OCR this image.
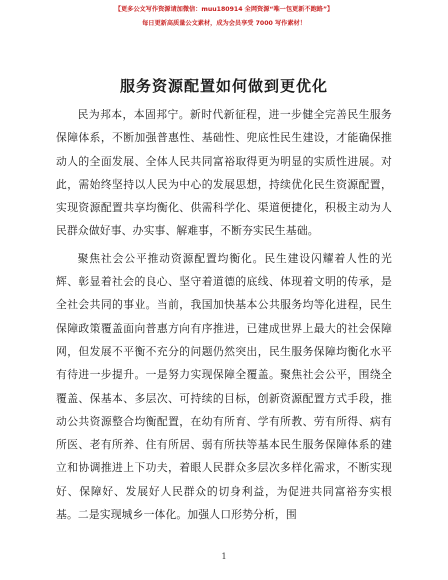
【更多公文写作资源请加微信：muu180914 全网资源“唯一包更新不跑路”】
每日更新高质量公文素材，成为会员享受 7000 写作素材！
服务资源配置如何做到更优化

民为邦本，本固邦宁。新时代新征程，进一步健全完善民生服务保障体系，不断加强普惠性、基础性、兜底性民生建设，才能确保推动人的全面发展、全体人民共同富裕取得更为明显的实质性进展。对此，需始终坚持以人民为中心的发展思想，持续优化民生资源配置，实现资源配置共享均衡化、供需科学化、渠道便捷化，积极主动为人民群众做好事、办实事、解难事，不断夯实民生基础。

聚焦社会公平推动资源配置均衡化。民生建设闪耀着人性的光辉、彰显着社会的良心、坚守着道德的底线、体现着文明的传承，是全社会共同的事业。当前，我国加快基本公共服务均等化进程，民生保障政策覆盖面向普惠方向有序推进，已建成世界上最大的社会保障网，但发展不平衡不充分的问题仍然突出，民生服务保障均衡化水平有待进一步提升。一是努力实现保障全覆盖。聚焦社会公平，围绕全覆盖、保基本、多层次、可持续的目标，创新资源配置方式手段，推动公共资源整合均衡配置，在幼有所育、学有所教、劳有所得、病有所医、老有所养、住有所居、弱有所扶等基本民生服务保障体系的建立和协调推进上下功夫，着眼人民群众多层次多样化需求，不断实现好、保障好、发展好人民群众的切身利益，为促进共同富裕夯实根基。二是实现城乡一体化。加强人口形势分析，围

1
